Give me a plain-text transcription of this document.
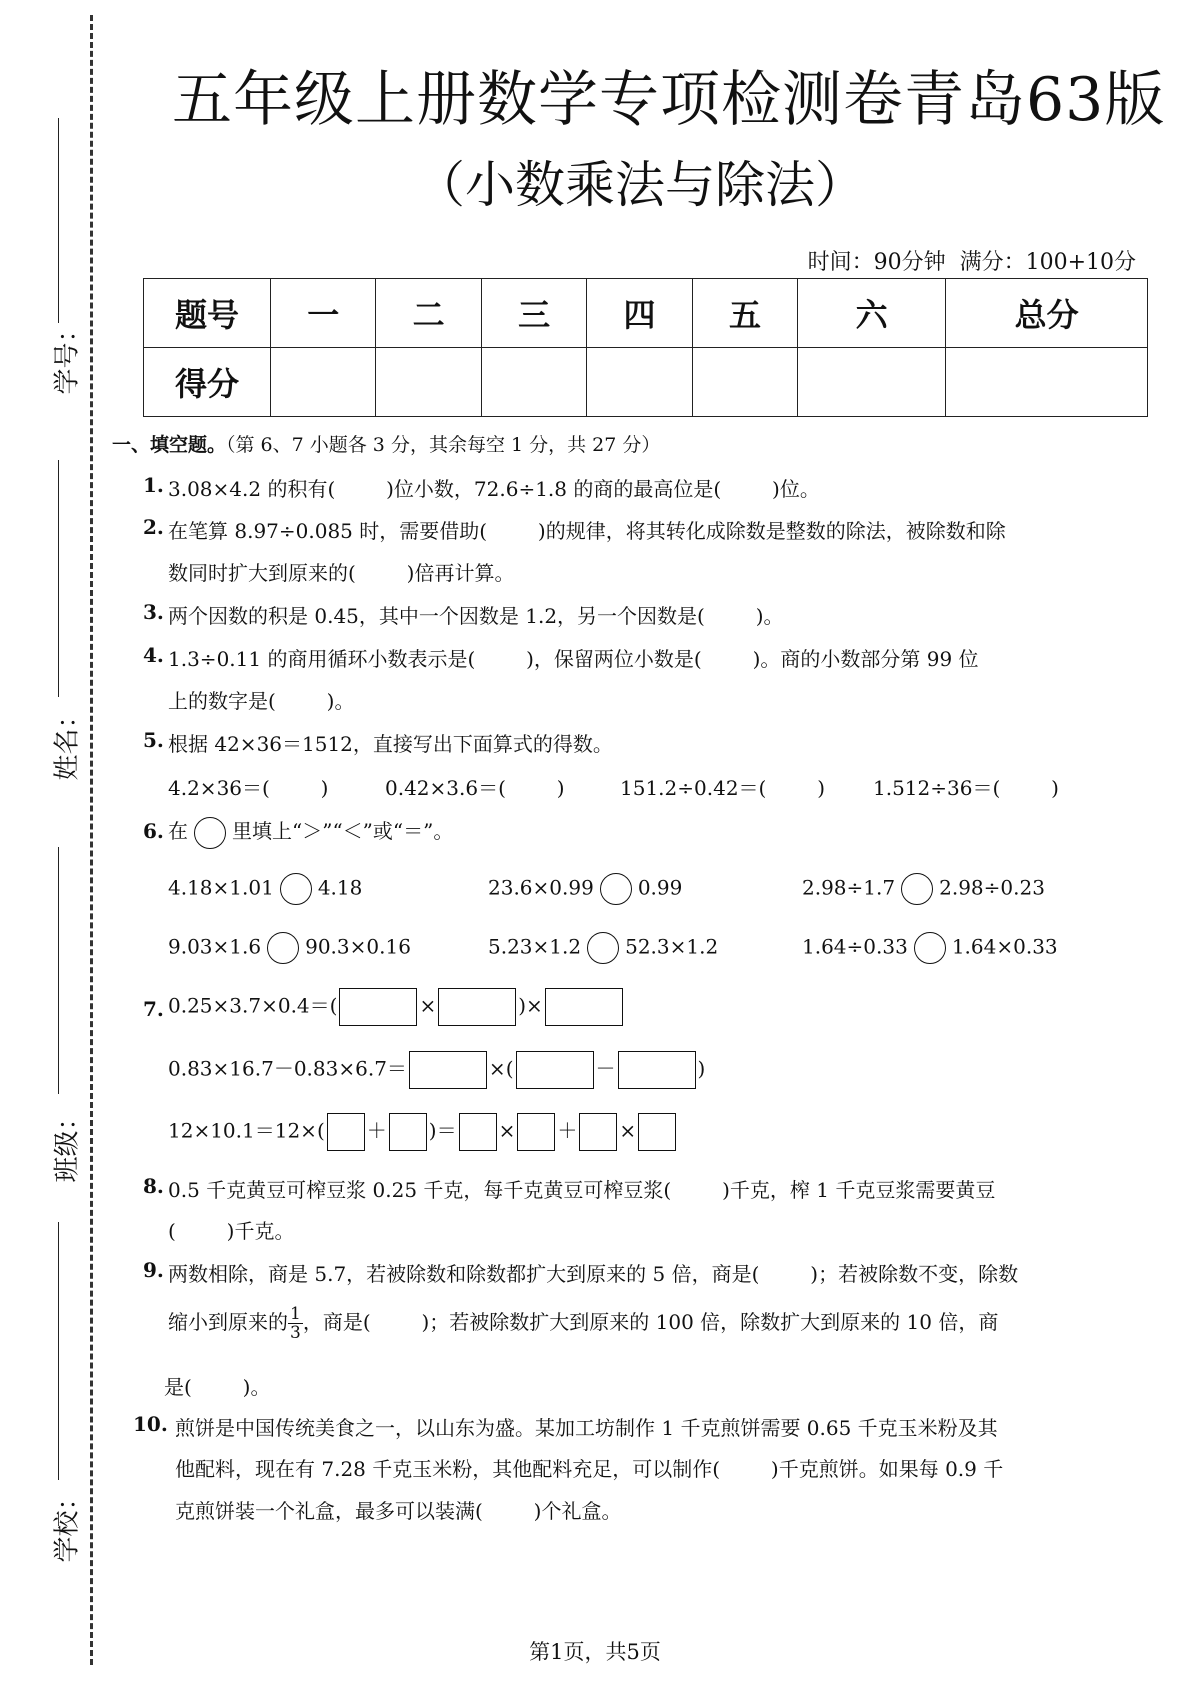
学号：
姓名：
班级：
学校：
五年级上册数学专项检测卷青岛63版
（小数乘法与除法）
时间：90分钟  满分：100+10分
题号	一	二	三	四	五	六	总分
得分							
一、填空题。（第 6、7 小题各 3 分，其余每空 1 分，共 27 分）
1. 3.08×4.2 的积有(        )位小数，72.6÷1.8 的商的最高位是(        )位。
2. 在笔算 8.97÷0.085 时，需要借助(        )的规律，将其转化成除数是整数的除法，被除数和除
数同时扩大到原来的(        )倍再计算。
3. 两个因数的积是 0.45，其中一个因数是 1.2，另一个因数是(        )。
4. 1.3÷0.11 的商用循环小数表示是(        )，保留两位小数是(        )。商的小数部分第 99 位
上的数字是(        )。
5. 根据 42×36＝1512，直接写出下面算式的得数。
4.2×36＝(        )	0.42×3.6＝(        )	151.2÷0.42＝(        ) 1.512÷36＝(        )
6. 在 里填上“＞”“＜”或“＝”。
4.18×1.01 4.18	23.6×0.99 0.99	2.98÷1.7 2.98÷0.23
9.03×1.6 90.3×0.16	5.23×1.2 52.3×1.2	1.64÷0.33 1.64×0.33
7. 0.25×3.7×0.4＝(	×	)×
0.83×16.7－0.83×6.7＝	×(	－	)
12×10.1＝12×( ＋ )＝ × ＋ ×
8. 0.5 千克黄豆可榨豆浆 0.25 千克，每千克黄豆可榨豆浆(        )千克，榨 1 千克豆浆需要黄豆
(        )千克。
9. 两数相除，商是 5.7，若被除数和除数都扩大到原来的 5 倍，商是(        )；若被除数不变，除数
缩小到原来的 $\frac{1}{3}$ ，商是(        )；若被除数扩大到原来的 100 倍，除数扩大到原来的 10 倍，商
是(        )。
10. 煎饼是中国传统美食之一，以山东为盛。某加工坊制作 1 千克煎饼需要 0.65 千克玉米粉及其
他配料，现在有 7.28 千克玉米粉，其他配料充足，可以制作(        )千克煎饼。如果每 0.9 千
克煎饼装一个礼盒，最多可以装满(        )个礼盒。
第1页，共5页
